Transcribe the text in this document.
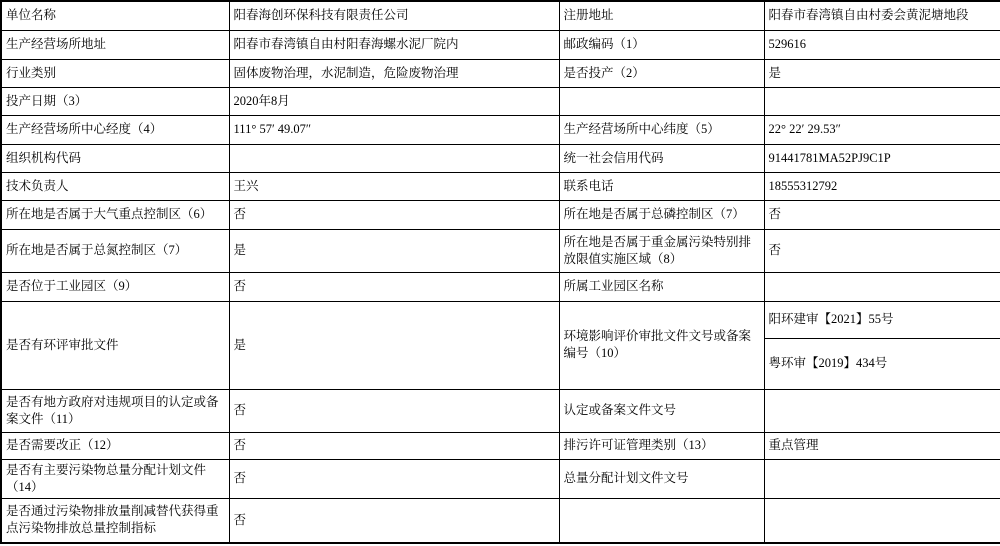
单位名称	阳春海创环保科技有限责任公司	注册地址	阳春市春湾镇自由村委会黄泥塘地段
生产经营场所地址	阳春市春湾镇自由村阳春海螺水泥厂院内	邮政编码（1）	529616
行业类别	固体废物治理，水泥制造，危险废物治理	是否投产（2）	是
投产日期（3）	2020年8月		
生产经营场所中心经度（4）	111° 57′ 49.07″	生产经营场所中心纬度（5）	22° 22′ 29.53″
组织机构代码		统一社会信用代码	91441781MA52PJ9C1P
技术负责人	王兴	联系电话	18555312792
所在地是否属于大气重点控制区（6）	否	所在地是否属于总磷控制区（7）	否
所在地是否属于总氮控制区（7）	是	所在地是否属于重金属污染特别排放限值实施区域（8）	否
是否位于工业园区（9）	否	所属工业园区名称	
是否有环评审批文件	是	环境影响评价审批文件文号或备案编号（10）	阳环建审【2021】55号
			粤环审【2019】434号
是否有地方政府对违规项目的认定或备案文件（11）	否	认定或备案文件文号	
是否需要改正（12）	否	排污许可证管理类别（13）	重点管理
是否有主要污染物总量分配计划文件（14）	否	总量分配计划文件文号	
是否通过污染物排放量削减替代获得重点污染物排放总量控制指标	否		
